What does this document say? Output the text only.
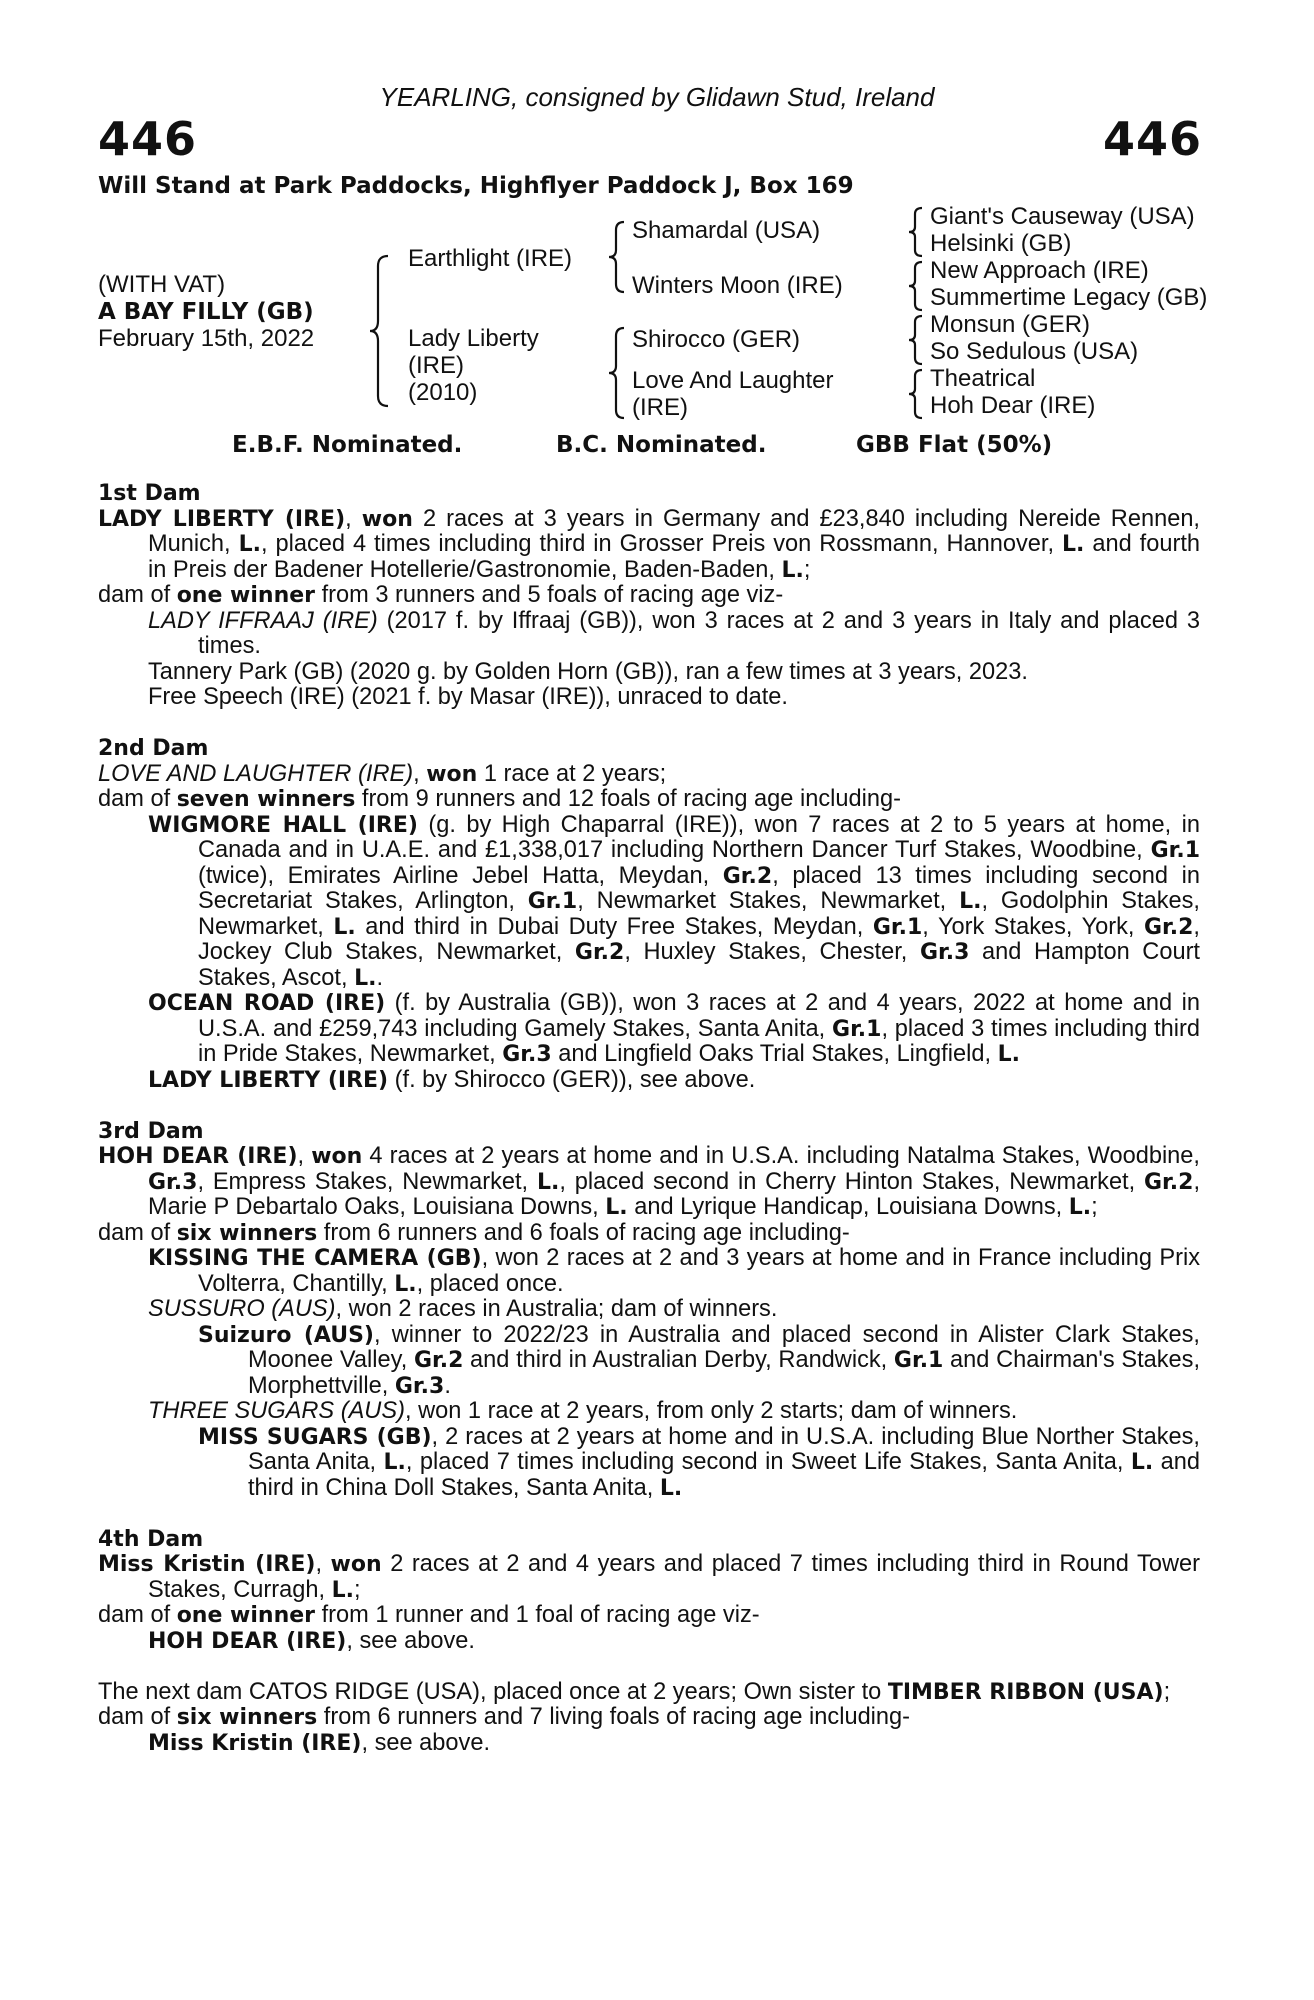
YEARLING, consigned by Glidawn Stud, Ireland
446	446
Will Stand at Park Paddocks, Highflyer Paddock J, Box 169
(WITH VAT)
A BAY FILLY (GB)
February 15th, 2022
Earthlight (IRE)
Lady Liberty
(IRE)
(2010)
Shamardal (USA)
Winters Moon (IRE)
Shirocco (GER)
Love And Laughter
(IRE)
Giant's Causeway (USA)
Helsinki (GB)
New Approach (IRE)
Summertime Legacy (GB)
Monsun (GER)
So Sedulous (USA)
Theatrical
Hoh Dear (IRE)
E.B.F. Nominated.	B.C. Nominated.	GBB Flat (50%)
1st Dam
LADY LIBERTY (IRE), won 2 races at 3 years in Germany and £23,840 including Nereide Rennen, Munich, L., placed 4 times including third in Grosser Preis von Rossmann, Hannover, L. and fourth in Preis der Badener Hotellerie/Gastronomie, Baden-Baden, L.;
dam of one winner from 3 runners and 5 foals of racing age viz-
LADY IFFRAAJ (IRE) (2017 f. by Iffraaj (GB)), won 3 races at 2 and 3 years in Italy and placed 3 times.
Tannery Park (GB) (2020 g. by Golden Horn (GB)), ran a few times at 3 years, 2023.
Free Speech (IRE) (2021 f. by Masar (IRE)), unraced to date.
2nd Dam
LOVE AND LAUGHTER (IRE), won 1 race at 2 years;
dam of seven winners from 9 runners and 12 foals of racing age including-
WIGMORE HALL (IRE) (g. by High Chaparral (IRE)), won 7 races at 2 to 5 years at home, in Canada and in U.A.E. and £1,338,017 including Northern Dancer Turf Stakes, Woodbine, Gr.1 (twice), Emirates Airline Jebel Hatta, Meydan, Gr.2, placed 13 times including second in Secretariat Stakes, Arlington, Gr.1, Newmarket Stakes, Newmarket, L., Godolphin Stakes, Newmarket, L. and third in Dubai Duty Free Stakes, Meydan, Gr.1, York Stakes, York, Gr.2, Jockey Club Stakes, Newmarket, Gr.2, Huxley Stakes, Chester, Gr.3 and Hampton Court Stakes, Ascot, L..
OCEAN ROAD (IRE) (f. by Australia (GB)), won 3 races at 2 and 4 years, 2022 at home and in U.S.A. and £259,743 including Gamely Stakes, Santa Anita, Gr.1, placed 3 times including third in Pride Stakes, Newmarket, Gr.3 and Lingfield Oaks Trial Stakes, Lingfield, L.
LADY LIBERTY (IRE) (f. by Shirocco (GER)), see above.
3rd Dam
HOH DEAR (IRE), won 4 races at 2 years at home and in U.S.A. including Natalma Stakes, Woodbine, Gr.3, Empress Stakes, Newmarket, L., placed second in Cherry Hinton Stakes, Newmarket, Gr.2, Marie P Debartalo Oaks, Louisiana Downs, L. and Lyrique Handicap, Louisiana Downs, L.;
dam of six winners from 6 runners and 6 foals of racing age including-
KISSING THE CAMERA (GB), won 2 races at 2 and 3 years at home and in France including Prix Volterra, Chantilly, L., placed once.
SUSSURO (AUS), won 2 races in Australia; dam of winners.
Suizuro (AUS), winner to 2022/23 in Australia and placed second in Alister Clark Stakes, Moonee Valley, Gr.2 and third in Australian Derby, Randwick, Gr.1 and Chairman's Stakes, Morphettville, Gr.3.
THREE SUGARS (AUS), won 1 race at 2 years, from only 2 starts; dam of winners.
MISS SUGARS (GB), 2 races at 2 years at home and in U.S.A. including Blue Norther Stakes, Santa Anita, L., placed 7 times including second in Sweet Life Stakes, Santa Anita, L. and third in China Doll Stakes, Santa Anita, L.
4th Dam
Miss Kristin (IRE), won 2 races at 2 and 4 years and placed 7 times including third in Round Tower Stakes, Curragh, L.;
dam of one winner from 1 runner and 1 foal of racing age viz-
HOH DEAR (IRE), see above.
The next dam CATOS RIDGE (USA), placed once at 2 years; Own sister to TIMBER RIBBON (USA);
dam of six winners from 6 runners and 7 living foals of racing age including-
Miss Kristin (IRE), see above.
